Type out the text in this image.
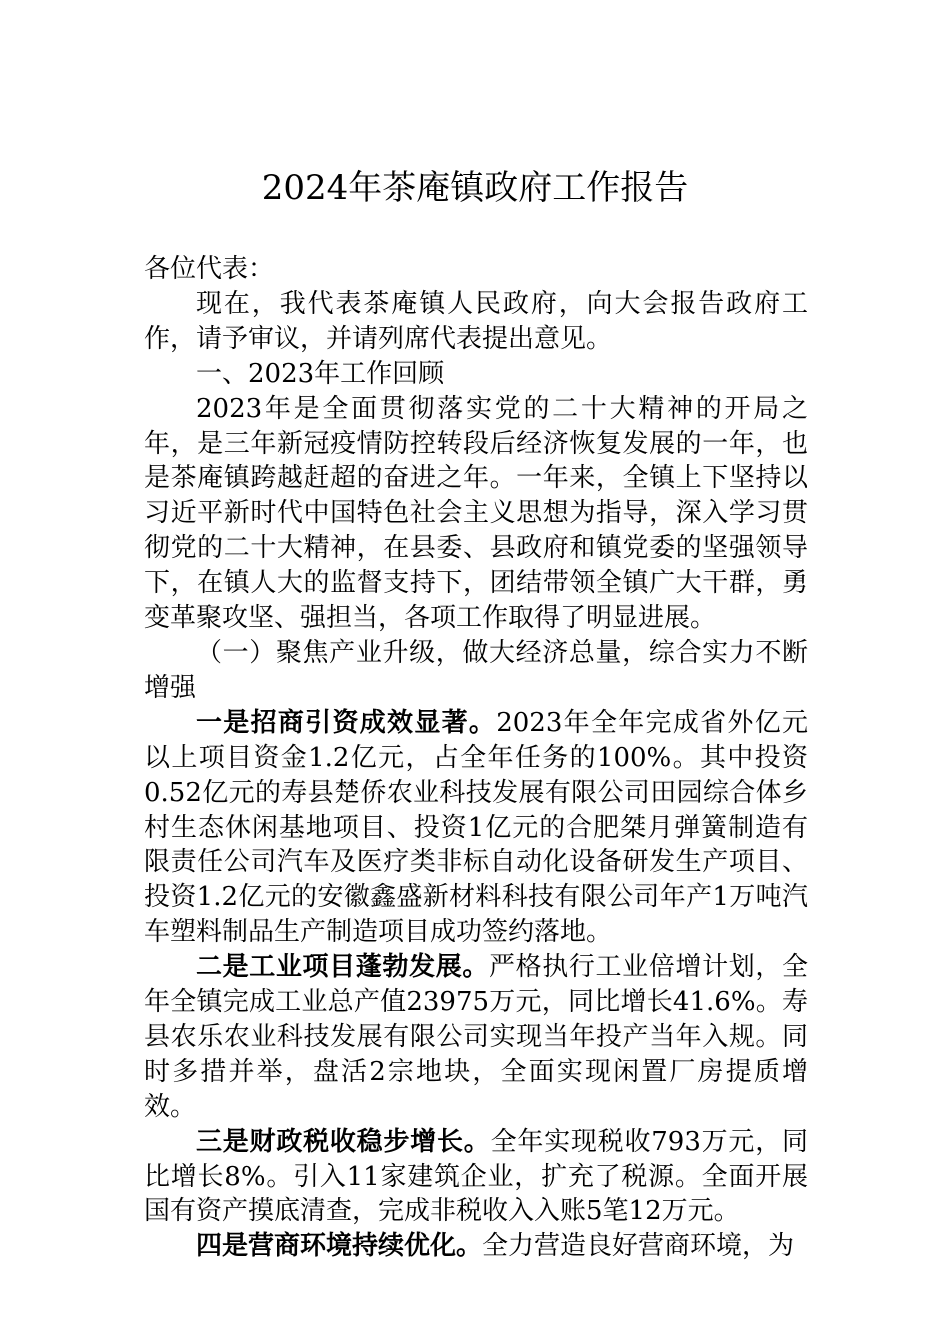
2024年茶庵镇政府工作报告

各位代表：

现在，我代表茶庵镇人民政府，向大会报告政府工作，请予审议，并请列席代表提出意见。

一、2023年工作回顾

2023年是全面贯彻落实党的二十大精神的开局之年，是三年新冠疫情防控转段后经济恢复发展的一年，也是茶庵镇跨越赶超的奋进之年。一年来，全镇上下坚持以习近平新时代中国特色社会主义思想为指导，深入学习贯彻党的二十大精神，在县委、县政府和镇党委的坚强领导下，在镇人大的监督支持下，团结带领全镇广大干群，勇变革聚攻坚、强担当，各项工作取得了明显进展。

（一）聚焦产业升级，做大经济总量，综合实力不断增强

一是招商引资成效显著。2023年全年完成省外亿元以上项目资金1.2亿元，占全年任务的100%。其中投资0.52亿元的寿县楚侨农业科技发展有限公司田园综合体乡村生态休闲基地项目、投资1亿元的合肥桀月弹簧制造有限责任公司汽车及医疗类非标自动化设备研发生产项目、投资1.2亿元的安徽鑫盛新材料科技有限公司年产1万吨汽车塑料制品生产制造项目成功签约落地。

二是工业项目蓬勃发展。严格执行工业倍增计划，全年全镇完成工业总产值23975万元，同比增长41.6%。寿县农乐农业科技发展有限公司实现当年投产当年入规。同时多措并举，盘活2宗地块，全面实现闲置厂房提质增效。

三是财政税收稳步增长。全年实现税收793万元，同比增长8%。引入11家建筑企业，扩充了税源。全面开展国有资产摸底清查，完成非税收入入账5笔12万元。

四是营商环境持续优化。全力营造良好营商环境，为
